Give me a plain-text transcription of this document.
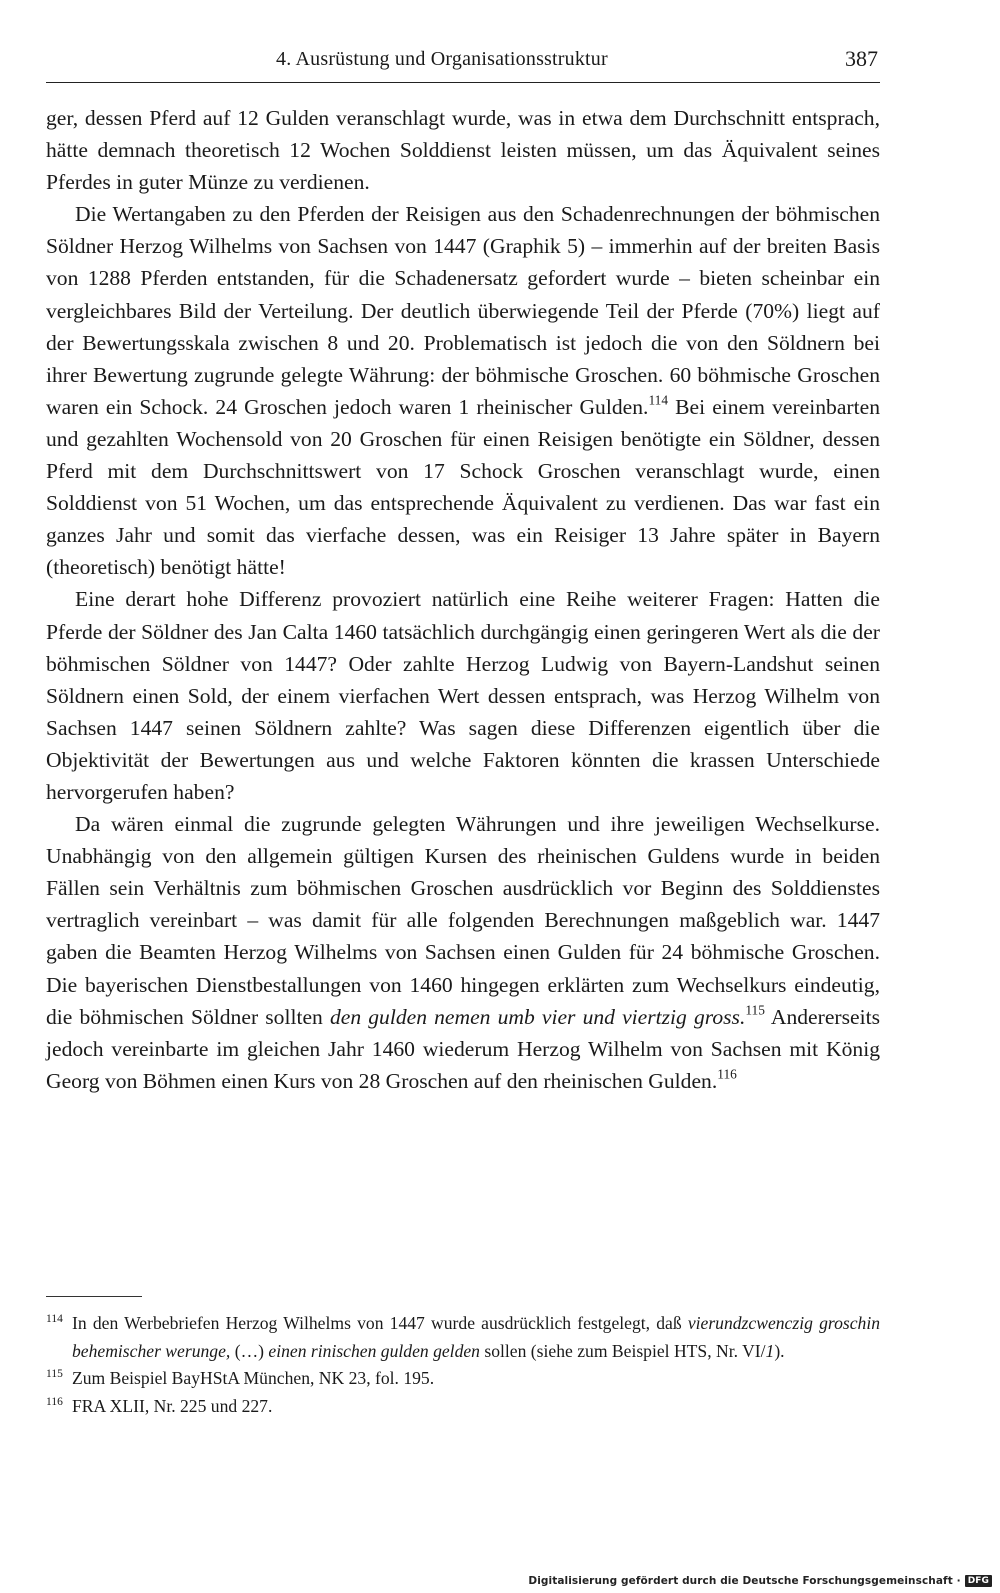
4. Ausrüstung und Organisationsstruktur	387

ger, dessen Pferd auf 12 Gulden veranschlagt wurde, was in etwa dem Durchschnitt entsprach, hätte demnach theoretisch 12 Wochen Solddienst leisten müssen, um das Äquivalent seines Pferdes in guter Münze zu verdienen.

Die Wertangaben zu den Pferden der Reisigen aus den Schadenrechnungen der böhmischen Söldner Herzog Wilhelms von Sachsen von 1447 (Graphik 5) – immerhin auf der breiten Basis von 1288 Pferden entstanden, für die Schadenersatz gefordert wurde – bieten scheinbar ein vergleichbares Bild der Verteilung. Der deutlich überwiegende Teil der Pferde (70%) liegt auf der Bewertungsskala zwischen 8 und 20. Problematisch ist jedoch die von den Söldnern bei ihrer Bewertung zugrunde gelegte Währung: der böhmische Groschen. 60 böhmische Groschen waren ein Schock. 24 Groschen jedoch waren 1 rheinischer Gulden.$^{114}$ Bei einem vereinbarten und gezahlten Wochensold von 20 Groschen für einen Reisigen benötigte ein Söldner, dessen Pferd mit dem Durchschnittswert von 17 Schock Groschen veranschlagt wurde, einen Solddienst von 51 Wochen, um das entsprechende Äquivalent zu verdienen. Das war fast ein ganzes Jahr und somit das vierfache dessen, was ein Reisiger 13 Jahre später in Bayern (theoretisch) benötigt hätte!

Eine derart hohe Differenz provoziert natürlich eine Reihe weiterer Fragen: Hatten die Pferde der Söldner des Jan Calta 1460 tatsächlich durchgängig einen geringeren Wert als die der böhmischen Söldner von 1447? Oder zahlte Herzog Ludwig von Bayern-Landshut seinen Söldnern einen Sold, der einem vierfachen Wert dessen entsprach, was Herzog Wilhelm von Sachsen 1447 seinen Söldnern zahlte? Was sagen diese Differenzen eigentlich über die Objektivität der Bewertungen aus und welche Faktoren könnten die krassen Unterschiede hervorgerufen haben?

Da wären einmal die zugrunde gelegten Währungen und ihre jeweiligen Wechselkurse. Unabhängig von den allgemein gültigen Kursen des rheinischen Guldens wurde in beiden Fällen sein Verhältnis zum böhmischen Groschen ausdrücklich vor Beginn des Solddienstes vertraglich vereinbart – was damit für alle folgenden Berechnungen maßgeblich war. 1447 gaben die Beamten Herzog Wilhelms von Sachsen einen Gulden für 24 böhmische Groschen. Die bayerischen Dienstbestallungen von 1460 hingegen erklärten zum Wechselkurs eindeutig, die böhmischen Söldner sollten den gulden nemen umb vier und viertzig gross.$^{115}$ Andererseits jedoch vereinbarte im gleichen Jahr 1460 wiederum Herzog Wilhelm von Sachsen mit König Georg von Böhmen einen Kurs von 28 Groschen auf den rheinischen Gulden.$^{116}$

114 In den Werbebriefen Herzog Wilhelms von 1447 wurde ausdrücklich festgelegt, daß vierundzcwenczig groschin behemischer werunge, (…) einen rinischen gulden gelden sollen (siehe zum Beispiel HTS, Nr. VI/1).

115 Zum Beispiel BayHStA München, NK 23, fol. 195.

116 FRA XLII, Nr. 225 und 227.

Digitalisierung gefördert durch die Deutsche Forschungsgemeinschaft · DFG
